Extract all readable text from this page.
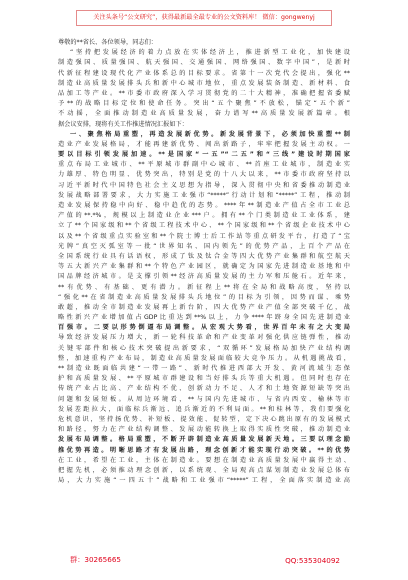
关注头条号“公文研究”，获得最新最全最专业的公文资料库！ 微信：gongwenyj
尊敬的**省长、各位领导，同志们：
“坚持把发展经济的着力点放在实体经济上，推进新型工业化，加快建设
制造强国、质量强国、航天强国、交通强国、网络强国、数字中国”，是新时
代新征程建设现代化产业体系总的目标要求。省第十一次党代会提出，强化**
制造业高质量发展排头兵和新中心城市地位，重点发展装备制造、新材料、食
品加工等产业。**市委市政府深入学习贯彻党的二十大精神，准确把握省委赋
予**的战略目标定位和使命任务。突出“五个聚焦”不放松，锚定“五个新”
不动摇，全面推动制造业高质量发展，奋力谱写**高质量发展新篇章。根
据会议安排，现将有关工作推进情况汇报如下：
一、聚焦格局重塑，再造发展新优势。新发展背景下，必须加快重塑**制
造业产业发展格局，才能再建新优势、闯出新路子，牢牢把握发展主动权。一
要以目标引领发展加速。**是国家“一五”“二五”和“三线”建设时期国家
重点布局工业城市、**平原城市群副中心城市、**首座工业城市，制造业实
力雄厚、特色明显、优势突出，特别是党的十八大以来，**市委市政府坚持以
习近平新时代中国特色社会主义思想为指导，深入贯彻中央和省委推动制造业
发展战略部署要求，大力实施工业强市“*****”行动计划和“*****”工程，推动制
造业发展保持稳中向好、稳中趋优的态势。****年**制造业产值占全市工业总
产值的**.*%，规模以上制造业企业***户。拥有**个门类制造业工业体系，建
立了**个国家级和**个省级工程技术中心、**个国家级和**个省级企业技术中心
以及**个省级重点实验室和**个院士博士后工作站等重点研发平台，打造了“宝
光牌”真空灭弧室等一批“世界知名、国内领先”的优势产品，上百个产品在
全国系统行业具有话语权，形成了钛及钛合金等四大优势产业集群和航空航天
等五大新兴产业集群和**个特色产业园区，就确定为国家先进制造业基地和中
国品牌经济城市。是支撑引领**经济高质量发展的主力军和压舱石。近年来，
**有优势、有基础、更有潜力。新征程上**将在全局和战略高度，坚持以
“强化**在省制造业高质量发展排头兵地位”的目标为引领，因势而谋、乘势
敢超，推动全市制造业发展再上新台阶，四大优势产业产值全部突破千亿，战
略性新兴产业增加值占GDP比重达到**%以上，力争****年跻身全国先进制造业
百强市。二要以形势倒逼布局调整。从宏观大势看，世界百年未有之大变局
导致经济发展压力增大，新一轮科技革命和产业变革对强化供应链弹性，推动
关键零部件和核心技术突破提出新要求，“双循环”发展格局加快产业结构调
整，加速重构产业布局，制造业高质量发展面临较大竞争压力。从机遇挑战看，
**制造业既面临共建“一带一路”、新时代推进西部大开发、黄河流域生态保
护和高质量发展、**平原城市群建设和当好排头兵等重大机遇。但同时也存在
传统产业占比高、产业结构不优、创新动力不足、人才和土地资源短缺等突出
问题和发展短板。从周边环境看，**与国内先进城市、与省内西安、榆林等市
发展差距拉大，面临标兵渐远、追兵渐近的不利局面。**和桂林等，我们要强化
危机意识，坚持扬优势、补短板、提效能、促转型，定下决心跳出原有的发展模式
和路径，努力在产业结构调整、发展动能转换上取得实质性突破，推动制造业
发展布局调整。格局重塑，不断开辟制造业高质量发展新天地。三要以理念励
推优势再造。明晰思路才有发展出路，理念创新才能实现行动突破。**的优势
在工业，希望在工业，主体在制造业。要想在制造业高质量发展中赢得主动、
把握先机，必须推动理念创新，以系统观、全局观高点谋划制造业发展总体布
局，大力实施“一四五十”战略和工业强市“*****”工程，全面落实制造业高
群：30265665	QQ:535304092
